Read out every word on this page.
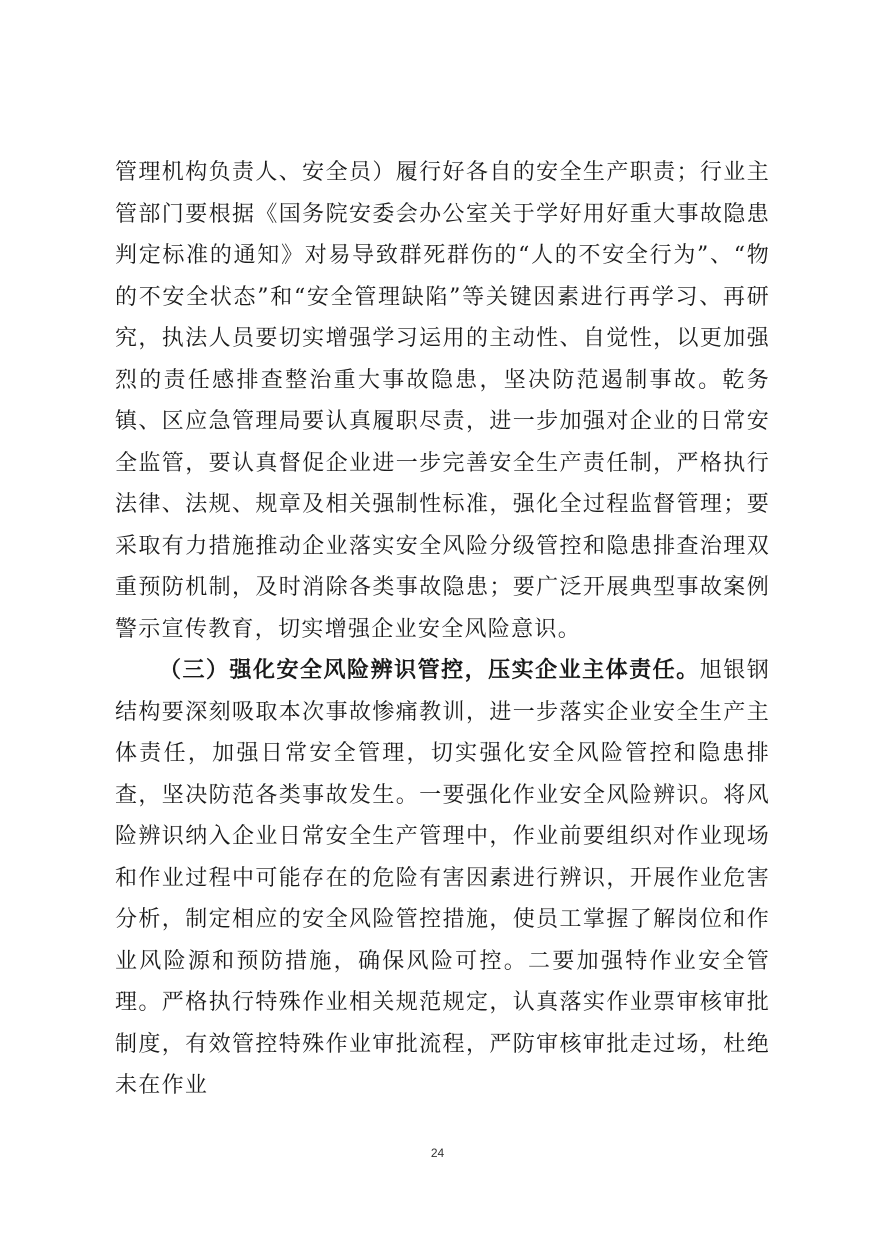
管理机构负责人、安全员）履行好各自的安全生产职责；行业主管部门要根据《国务院安委会办公室关于学好用好重大事故隐患判定标准的通知》对易导致群死群伤的“人的不安全行为”、“物的不安全状态”和“安全管理缺陷”等关键因素进行再学习、再研究，执法人员要切实增强学习运用的主动性、自觉性，以更加强烈的责任感排查整治重大事故隐患，坚决防范遏制事故。乾务镇、区应急管理局要认真履职尽责，进一步加强对企业的日常安全监管，要认真督促企业进一步完善安全生产责任制，严格执行法律、法规、规章及相关强制性标准，强化全过程监督管理；要采取有力措施推动企业落实安全风险分级管控和隐患排查治理双重预防机制，及时消除各类事故隐患；要广泛开展典型事故案例警示宣传教育，切实增强企业安全风险意识。

（三）强化安全风险辨识管控，压实企业主体责任。旭银钢结构要深刻吸取本次事故惨痛教训，进一步落实企业安全生产主体责任，加强日常安全管理，切实强化安全风险管控和隐患排查，坚决防范各类事故发生。一要强化作业安全风险辨识。将风险辨识纳入企业日常安全生产管理中，作业前要组织对作业现场和作业过程中可能存在的危险有害因素进行辨识，开展作业危害分析，制定相应的安全风险管控措施，使员工掌握了解岗位和作业风险源和预防措施，确保风险可控。二要加强特作业安全管理。严格执行特殊作业相关规范规定，认真落实作业票审核审批制度，有效管控特殊作业审批流程，严防审核审批走过场，杜绝未在作业

24
